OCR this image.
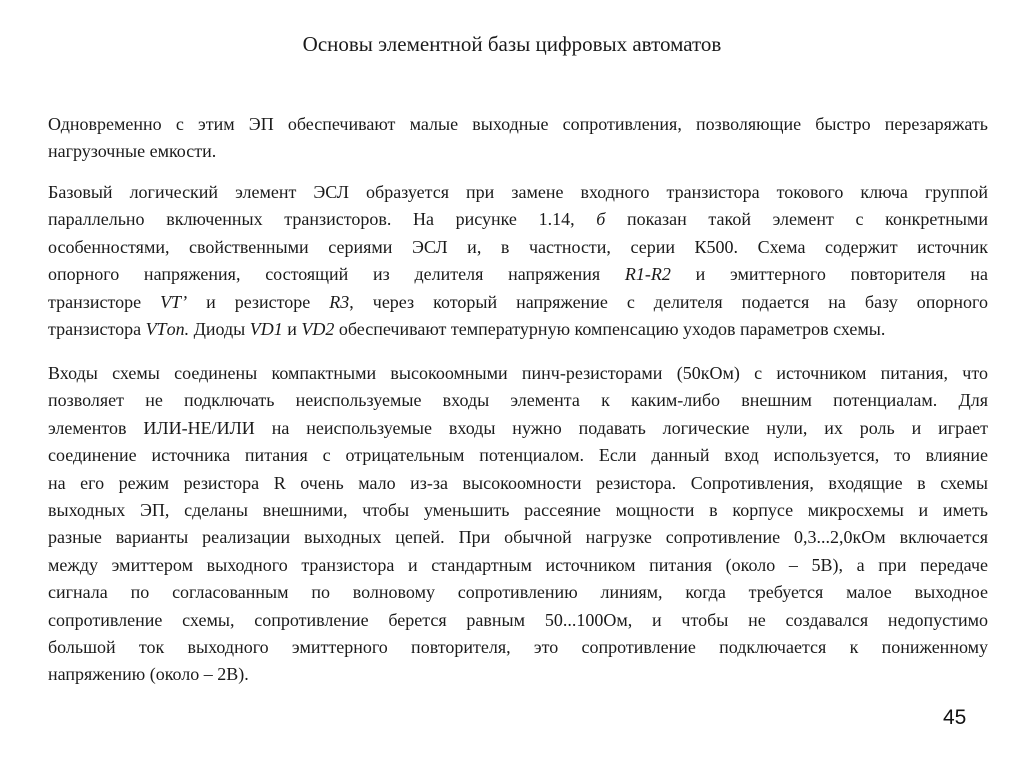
Основы элементной базы цифровых автоматов
Одновременно с этим ЭП обеспечивают малые выходные сопротивления, позволяющие быстро перезаряжать
нагрузочные емкости.
Базовый логический элемент ЭСЛ образуется при замене входного транзистора токового ключа группой
параллельно включенных транзисторов. На рисунке 1.14, б показан такой элемент с конкретными
особенностями, свойственными сериями ЭСЛ и, в частности, серии К500. Схема содержит источник
опорного напряжения, состоящий из делителя напряжения R1-R2 и эмиттерного повторителя на
транзисторе VT’ и резисторе R3, через который напряжение с делителя подается на базу опорного
транзистора VTоп. Диоды VD1 и VD2 обеспечивают температурную компенсацию уходов параметров схемы.
Входы схемы соединены компактными высокоомными пинч-резисторами (50кОм) с источником питания, что
позволяет не подключать неиспользуемые входы элемента к каким-либо внешним потенциалам. Для
элементов ИЛИ-НЕ/ИЛИ на неиспользуемые входы нужно подавать логические нули, их роль и играет
соединение источника питания с отрицательным потенциалом. Если данный вход используется, то влияние
на его режим резистора R очень мало из-за высокоомности резистора. Сопротивления, входящие в схемы
выходных ЭП, сделаны внешними, чтобы уменьшить рассеяние мощности в корпусе микросхемы и иметь
разные варианты реализации выходных цепей. При обычной нагрузке сопротивление 0,3...2,0кОм включается
между эмиттером выходного транзистора и стандартным источником питания (около – 5В), а при передаче
сигнала по согласованным по волновому сопротивлению линиям, когда требуется малое выходное
сопротивление схемы, сопротивление берется равным 50...100Ом, и чтобы не создавался недопустимо
большой ток выходного эмиттерного повторителя, это сопротивление подключается к пониженному
напряжению (около – 2В).
45
